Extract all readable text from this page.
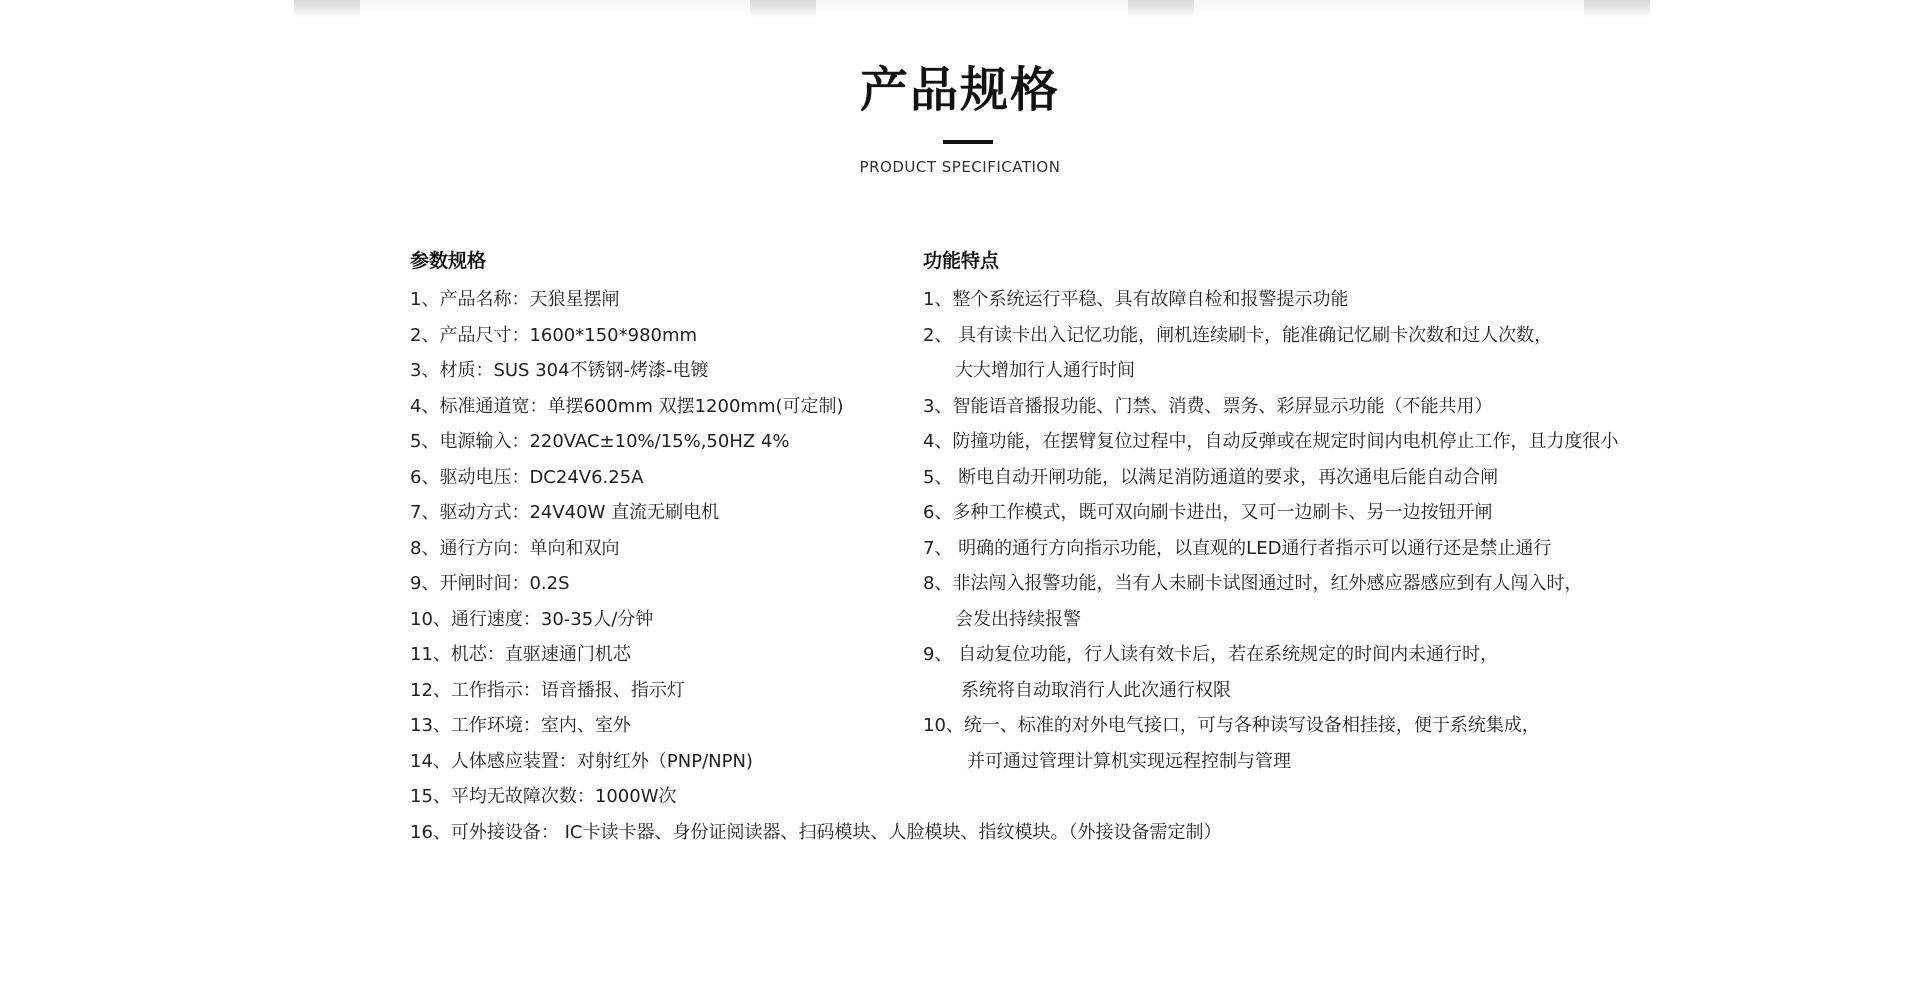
产品规格
PRODUCT SPECIFICATION
参数规格
1、产品名称：天狼星摆闸
2、产品尺寸：1600*150*980mm
3、材质：SUS 304不锈钢-烤漆-电镀
4、标准通道宽：单摆600mm 双摆1200mm(可定制)
5、电源输入：220VAC±10%/15%,50HZ 4%
6、驱动电压：DC24V6.25A
7、驱动方式：24V40W 直流无刷电机
8、通行方向：单向和双向
9、开闸时间：0.2S
10、通行速度：30-35人/分钟
11、机芯：直驱速通门机芯
12、工作指示：语音播报、指示灯
13、工作环境：室内、室外
14、人体感应装置：对射红外（PNP/NPN)
15、平均无故障次数：1000W次
16、可外接设备： IC卡读卡器、身份证阅读器、扫码模块、人脸模块、指纹模块。（外接设备需定制）
功能特点
1、整个系统运行平稳、具有故障自检和报警提示功能
2、 具有读卡出入记忆功能，闸机连续刷卡，能准确记忆刷卡次数和过人次数，
大大增加行人通行时间
3、智能语音播报功能、门禁、消费、票务、彩屏显示功能（不能共用）
4、防撞功能，在摆臂复位过程中，自动反弹或在规定时间内电机停止工作，且力度很小
5、 断电自动开闸功能，以满足消防通道的要求，再次通电后能自动合闸
6、多种工作模式，既可双向刷卡进出，又可一边刷卡、另一边按钮开闸
7、 明确的通行方向指示功能，以直观的LED通行者指示可以通行还是禁止通行
8、非法闯入报警功能，当有人未刷卡试图通过时，红外感应器感应到有人闯入时，
会发出持续报警
9、 自动复位功能，行人读有效卡后，若在系统规定的时间内未通行时，
系统将自动取消行人此次通行权限
10、统一、标准的对外电气接口，可与各种读写设备相挂接，便于系统集成，
并可通过管理计算机实现远程控制与管理
